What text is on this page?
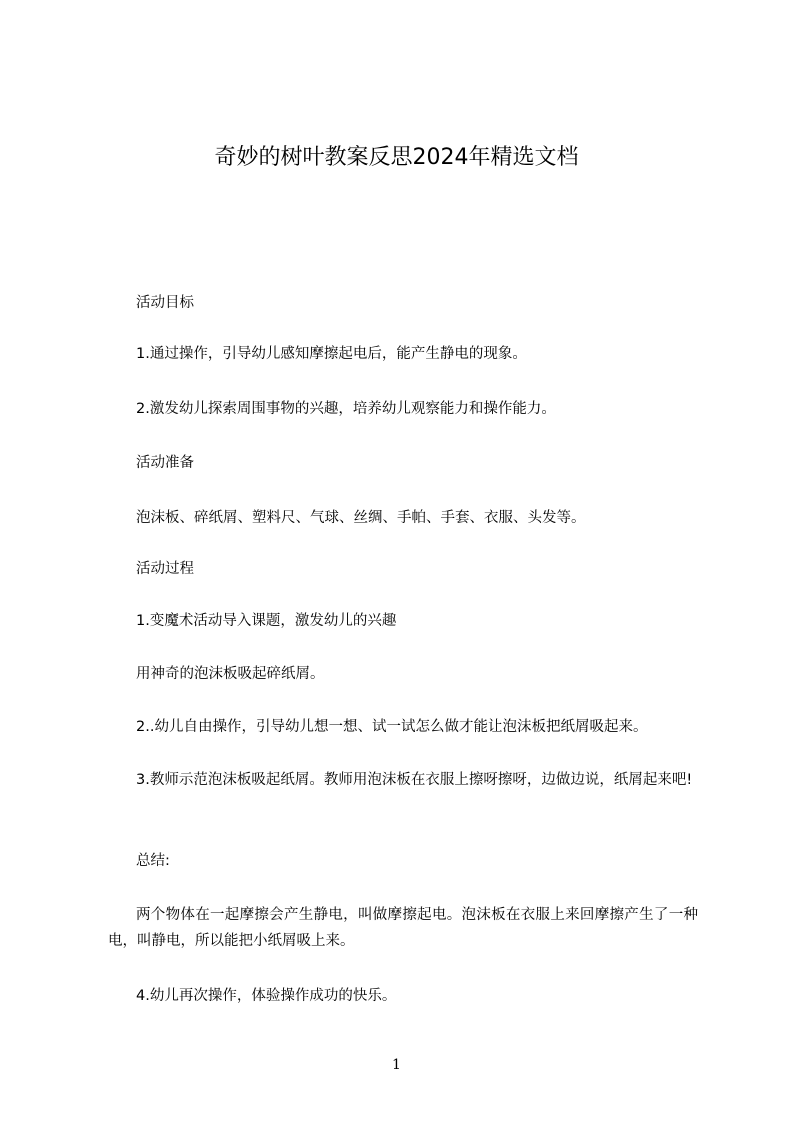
奇妙的树叶教案反思2024年精选文档
活动目标
1.通过操作，引导幼儿感知摩擦起电后，能产生静电的现象。
2.激发幼儿探索周围事物的兴趣，培养幼儿观察能力和操作能力。
活动准备
泡沫板、碎纸屑、塑料尺、气球、丝绸、手帕、手套、衣服、头发等。
活动过程
1.变魔术活动导入课题，激发幼儿的兴趣
用神奇的泡沫板吸起碎纸屑。
2..幼儿自由操作，引导幼儿想一想、试一试怎么做才能让泡沫板把纸屑吸起来。
3.教师示范泡沫板吸起纸屑。教师用泡沫板在衣服上擦呀擦呀，边做边说，纸屑起来吧!
总结:
两个物体在一起摩擦会产生静电，叫做摩擦起电。泡沫板在衣服上来回摩擦产生了一种电，叫静电，所以能把小纸屑吸上来。
4.幼儿再次操作，体验操作成功的快乐。
1
